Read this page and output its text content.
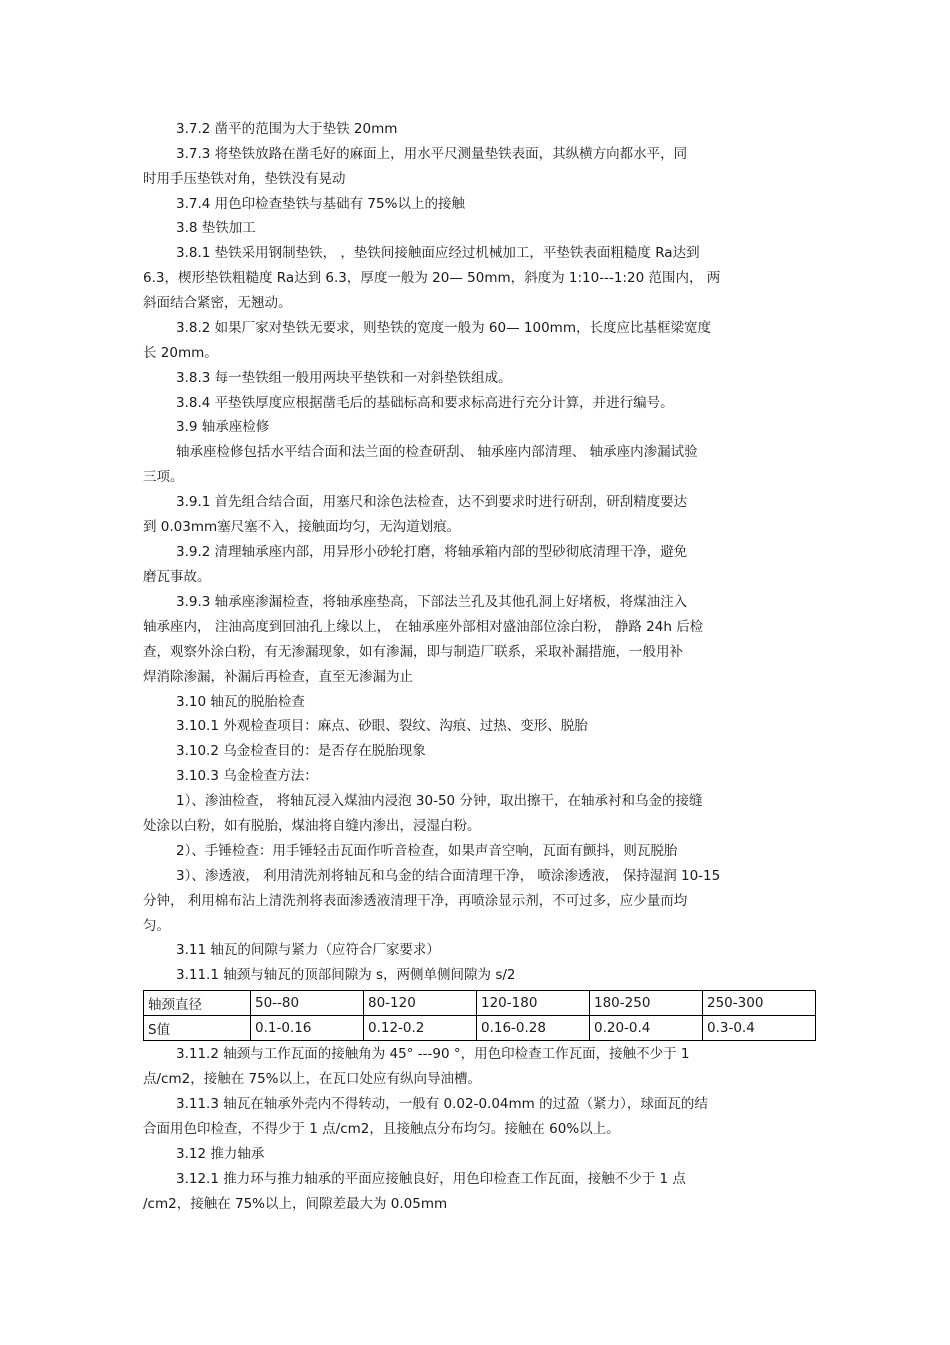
3.7.2 凿平的范围为大于垫铁 20mm
3.7.3 将垫铁放路在凿毛好的麻面上，用水平尺测量垫铁表面，其纵横方向都水平，同
时用手压垫铁对角，垫铁没有晃动
3.7.4 用色印检查垫铁与基础有 75%以上的接触
3.8 垫铁加工
3.8.1 垫铁采用钢制垫铁， ，垫铁间接触面应经过机械加工，平垫铁表面粗糙度 Ra达到
6.3，楔形垫铁粗糙度 Ra达到 6.3，厚度一般为 20— 50mm，斜度为 1:10---1:20 范围内， 两
斜面结合紧密，无翘动。
3.8.2 如果厂家对垫铁无要求，则垫铁的宽度一般为 60— 100mm，长度应比基框梁宽度
长 20mm。
3.8.3 每一垫铁组一般用两块平垫铁和一对斜垫铁组成。
3.8.4 平垫铁厚度应根据凿毛后的基础标高和要求标高进行充分计算，并进行编号。
3.9 轴承座检修
轴承座检修包括水平结合面和法兰面的检查研刮、 轴承座内部清理、 轴承座内渗漏试验
三项。
3.9.1 首先组合结合面，用塞尺和涂色法检查，达不到要求时进行研刮，研刮精度要达
到 0.03mm塞尺塞不入，接触面均匀，无沟道划痕。
3.9.2 清理轴承座内部，用异形小砂轮打磨，将轴承箱内部的型砂彻底清理干净，避免
磨瓦事故。
3.9.3 轴承座渗漏检查，将轴承座垫高，下部法兰孔及其他孔洞上好堵板，将煤油注入
轴承座内， 注油高度到回油孔上缘以上， 在轴承座外部相对盛油部位涂白粉， 静路 24h 后检
查，观察外涂白粉，有无渗漏现象，如有渗漏，即与制造厂联系，采取补漏措施，一般用补
焊消除渗漏，补漏后再检查，直至无渗漏为止
3.10 轴瓦的脱胎检查
3.10.1 外观检查项目：麻点、砂眼、裂纹、沟痕、过热、变形、脱胎
3.10.2 乌金检查目的：是否存在脱胎现象
3.10.3 乌金检查方法：
1）、渗油检查， 将轴瓦浸入煤油内浸泡 30-50 分钟，取出擦干，在轴承衬和乌金的接缝
处涂以白粉，如有脱胎，煤油将自缝内渗出，浸湿白粉。
2）、手锤检查：用手锤轻击瓦面作听音检查，如果声音空响，瓦面有颤抖，则瓦脱胎
3）、渗透液， 利用清洗剂将轴瓦和乌金的结合面清理干净， 喷涂渗透液， 保持湿润 10-15
分钟， 利用棉布沾上清洗剂将表面渗透液清理干净，再喷涂显示剂，不可过多，应少量而均
匀。
3.11 轴瓦的间隙与紧力（应符合厂家要求）
3.11.1 轴颈与轴瓦的顶部间隙为 s，两侧单侧间隙为 s/2
轴颈直径	50--80	80-120	120-180	180-250	250-300
S值	0.1-0.16	0.12-0.2	0.16-0.28	0.20-0.4	0.3-0.4
3.11.2 轴颈与工作瓦面的接触角为 45° ---90 °，用色印检查工作瓦面，接触不少于 1
点/cm2，接触在 75%以上，在瓦口处应有纵向导油槽。
3.11.3 轴瓦在轴承外壳内不得转动，一般有 0.02-0.04mm 的过盈（紧力），球面瓦的结
合面用色印检查，不得少于 1 点/cm2，且接触点分布均匀。接触在 60%以上。
3.12 推力轴承
3.12.1 推力环与推力轴承的平面应接触良好，用色印检查工作瓦面，接触不少于 1 点
/cm2，接触在 75%以上，间隙差最大为 0.05mm
